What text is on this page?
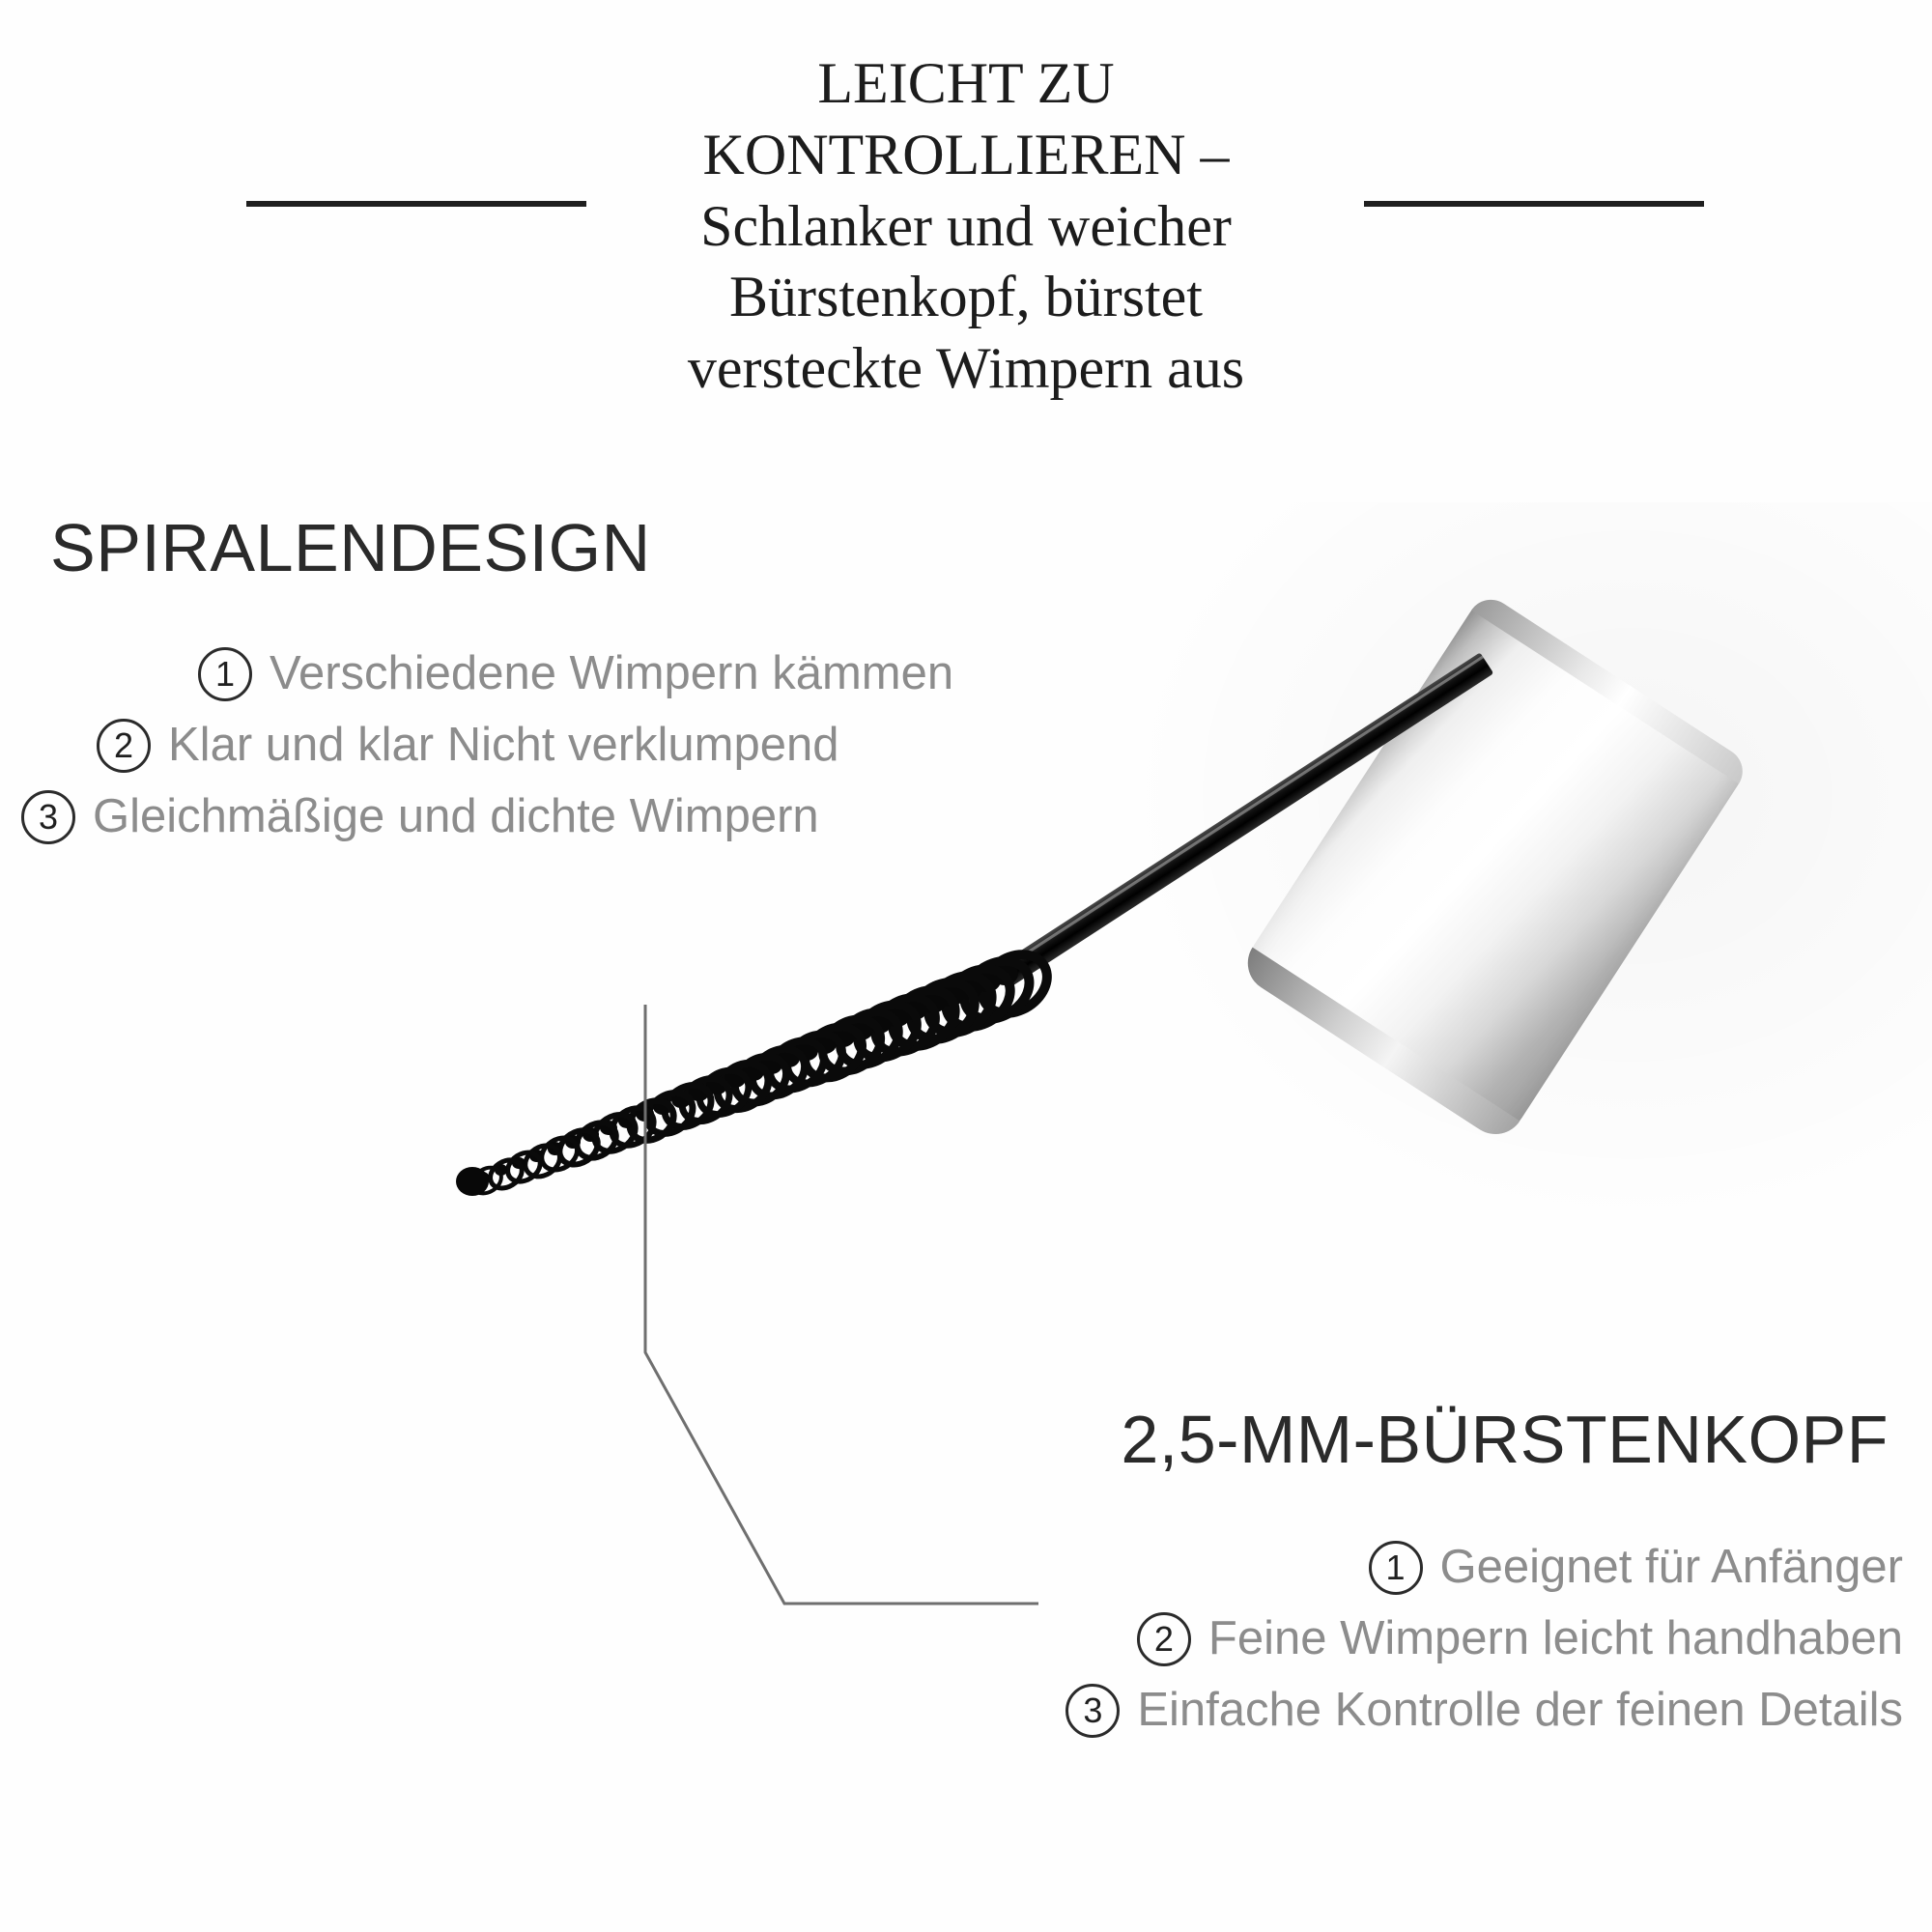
LEICHT ZU
KONTROLLIEREN –
Schlanker und weicher
Bürstenkopf, bürstet
versteckte Wimpern aus
SPIRALENDESIGN
1 Verschiedene Wimpern kämmen
2 Klar und klar Nicht verklumpend
3 Gleichmäßige und dichte Wimpern
2,5-MM-BÜRSTENKOPF
1 Geeignet für Anfänger
2 Feine Wimpern leicht handhaben
3 Einfache Kontrolle der feinen Details
